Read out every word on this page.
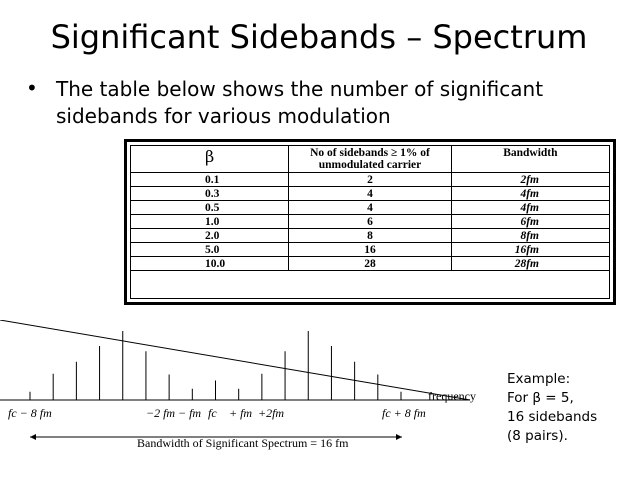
Significant Sidebands – Spectrum
• The table below shows the number of significant
sidebands for various modulation
β	No of sidebands ≥ 1% of
unmodulated carrier	Bandwidth
0.1	2	2fm
0.3	4	4fm
0.5	4	4fm
1.0	6	6fm
2.0	8	8fm
5.0	16	16fm
10.0	28	28fm
frequency
fc − 8 fm	−2 fm − fm fc + fm +2fm	fc + 8 fm
Bandwidth of Significant Spectrum = 16 fm
Example:
For β = 5,
16 sidebands
(8 pairs).
